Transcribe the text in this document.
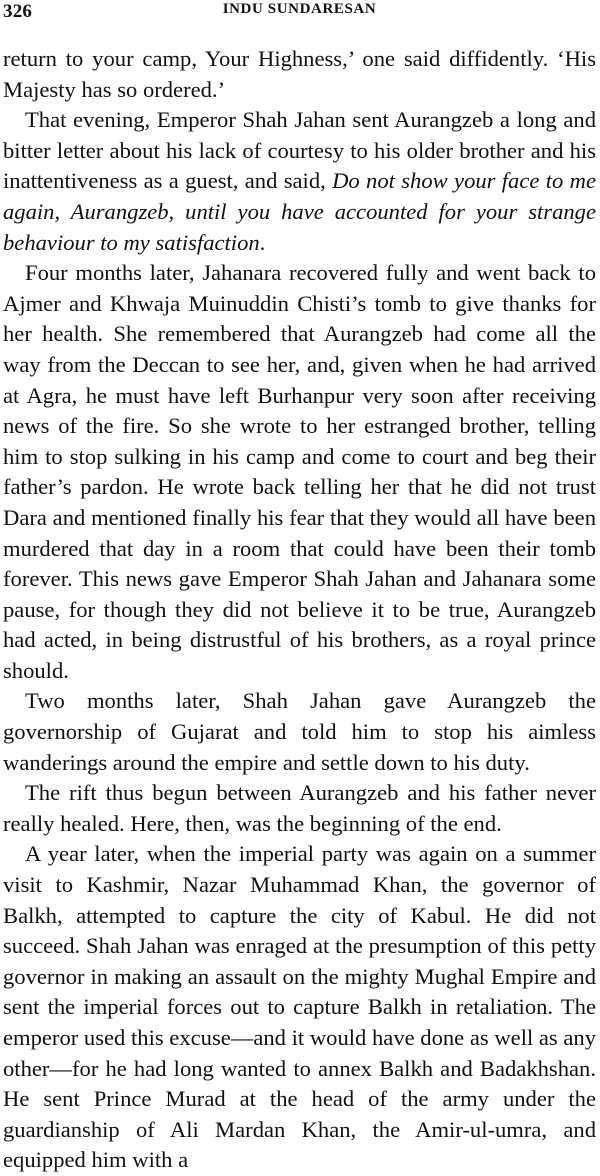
326	INDU SUNDARESAN

return to your camp, Your Highness,’ one said diffidently. ‘His Majesty has so ordered.’

That evening, Emperor Shah Jahan sent Aurangzeb a long and bitter letter about his lack of courtesy to his older brother and his inattentiveness as a guest, and said, Do not show your face to me again, Aurangzeb, until you have accounted for your strange behaviour to my satisfaction.

Four months later, Jahanara recovered fully and went back to Ajmer and Khwaja Muinuddin Chisti’s tomb to give thanks for her health. She remembered that Aurangzeb had come all the way from the Deccan to see her, and, given when he had arrived at Agra, he must have left Burhanpur very soon after receiving news of the fire. So she wrote to her estranged brother, telling him to stop sulking in his camp and come to court and beg their father’s pardon. He wrote back telling her that he did not trust Dara and mentioned finally his fear that they would all have been murdered that day in a room that could have been their tomb forever. This news gave Emperor Shah Jahan and Jahanara some pause, for though they did not believe it to be true, Aurangzeb had acted, in being distrustful of his brothers, as a royal prince should.

Two months later, Shah Jahan gave Aurangzeb the governorship of Gujarat and told him to stop his aimless wanderings around the empire and settle down to his duty.

The rift thus begun between Aurangzeb and his father never really healed. Here, then, was the beginning of the end.

A year later, when the imperial party was again on a summer visit to Kashmir, Nazar Muhammad Khan, the governor of Balkh, attempted to capture the city of Kabul. He did not succeed. Shah Jahan was enraged at the presumption of this petty governor in making an assault on the mighty Mughal Empire and sent the imperial forces out to capture Balkh in retaliation. The emperor used this excuse—and it would have done as well as any other—for he had long wanted to annex Balkh and Badakhshan. He sent Prince Murad at the head of the army under the guardianship of Ali Mardan Khan, the Amir-ul-umra, and equipped him with a
